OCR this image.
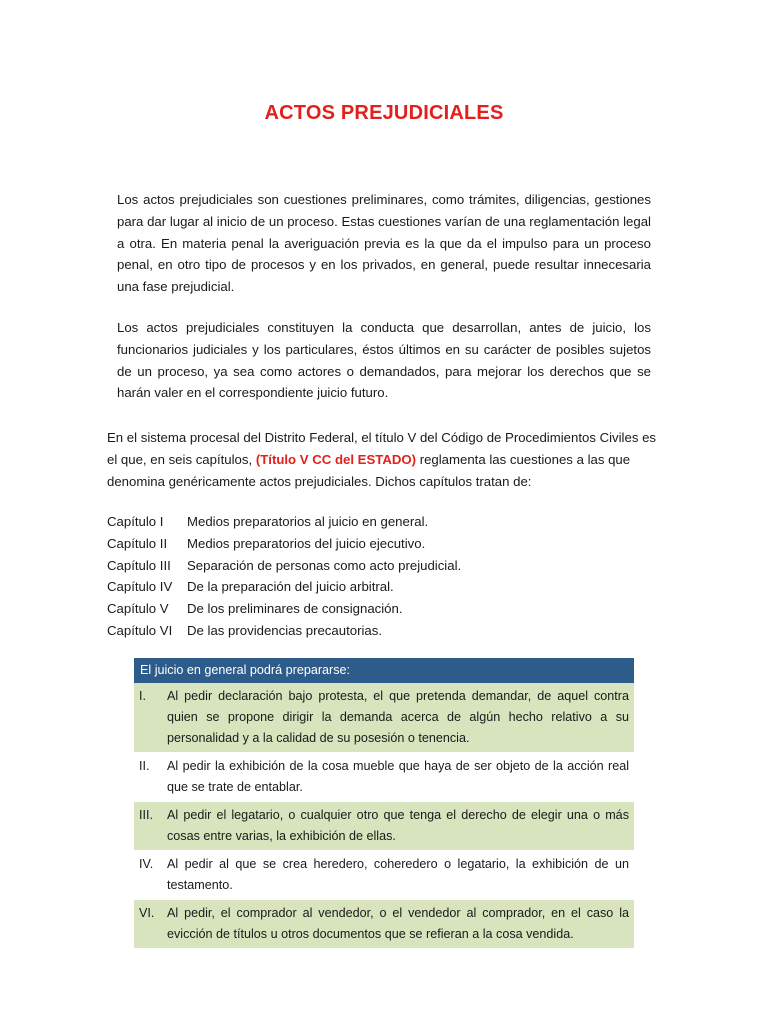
ACTOS PREJUDICIALES
Los actos prejudiciales son cuestiones preliminares, como trámites, diligencias, gestiones para dar lugar al inicio de un proceso. Estas cuestiones varían de una reglamentación legal a otra. En materia penal la averiguación previa es la que da el impulso para un proceso penal, en otro tipo de procesos y en los privados, en general, puede resultar innecesaria una fase prejudicial.
Los actos prejudiciales constituyen la conducta que desarrollan, antes de juicio, los funcionarios judiciales y los particulares, éstos últimos en su carácter de posibles sujetos de un proceso, ya sea como actores o demandados, para mejorar los derechos que se harán valer en el correspondiente juicio futuro.
En el sistema procesal del Distrito Federal, el título V del Código de Procedimientos Civiles es el que, en seis capítulos, (Título V CC del ESTADO) reglamenta las cuestiones a las que denomina genéricamente actos prejudiciales. Dichos capítulos tratan de:
Capítulo I	Medios preparatorios al juicio en general.
Capítulo II	Medios preparatorios del juicio ejecutivo.
Capítulo III	Separación de personas como acto prejudicial.
Capítulo IV	De la preparación del juicio arbitral.
Capítulo V	De los preliminares de consignación.
Capítulo VI	De las providencias precautorias.
El juicio en general podrá prepararse:
I.	Al pedir declaración bajo protesta, el que pretenda demandar, de aquel contra quien se propone dirigir la demanda acerca de algún hecho relativo a su personalidad y a la calidad de su posesión o tenencia.
II.	Al pedir la exhibición de la cosa mueble que haya de ser objeto de la acción real que se trate de entablar.
III.	Al pedir el legatario, o cualquier otro que tenga el derecho de elegir una o más cosas entre varias, la exhibición de ellas.
IV.	Al pedir al que se crea heredero, coheredero o legatario, la exhibición de un testamento.
VI. Al pedir, el comprador al vendedor, o el vendedor al comprador, en el caso la evicción de títulos u otros documentos que se refieran a la cosa vendida.
